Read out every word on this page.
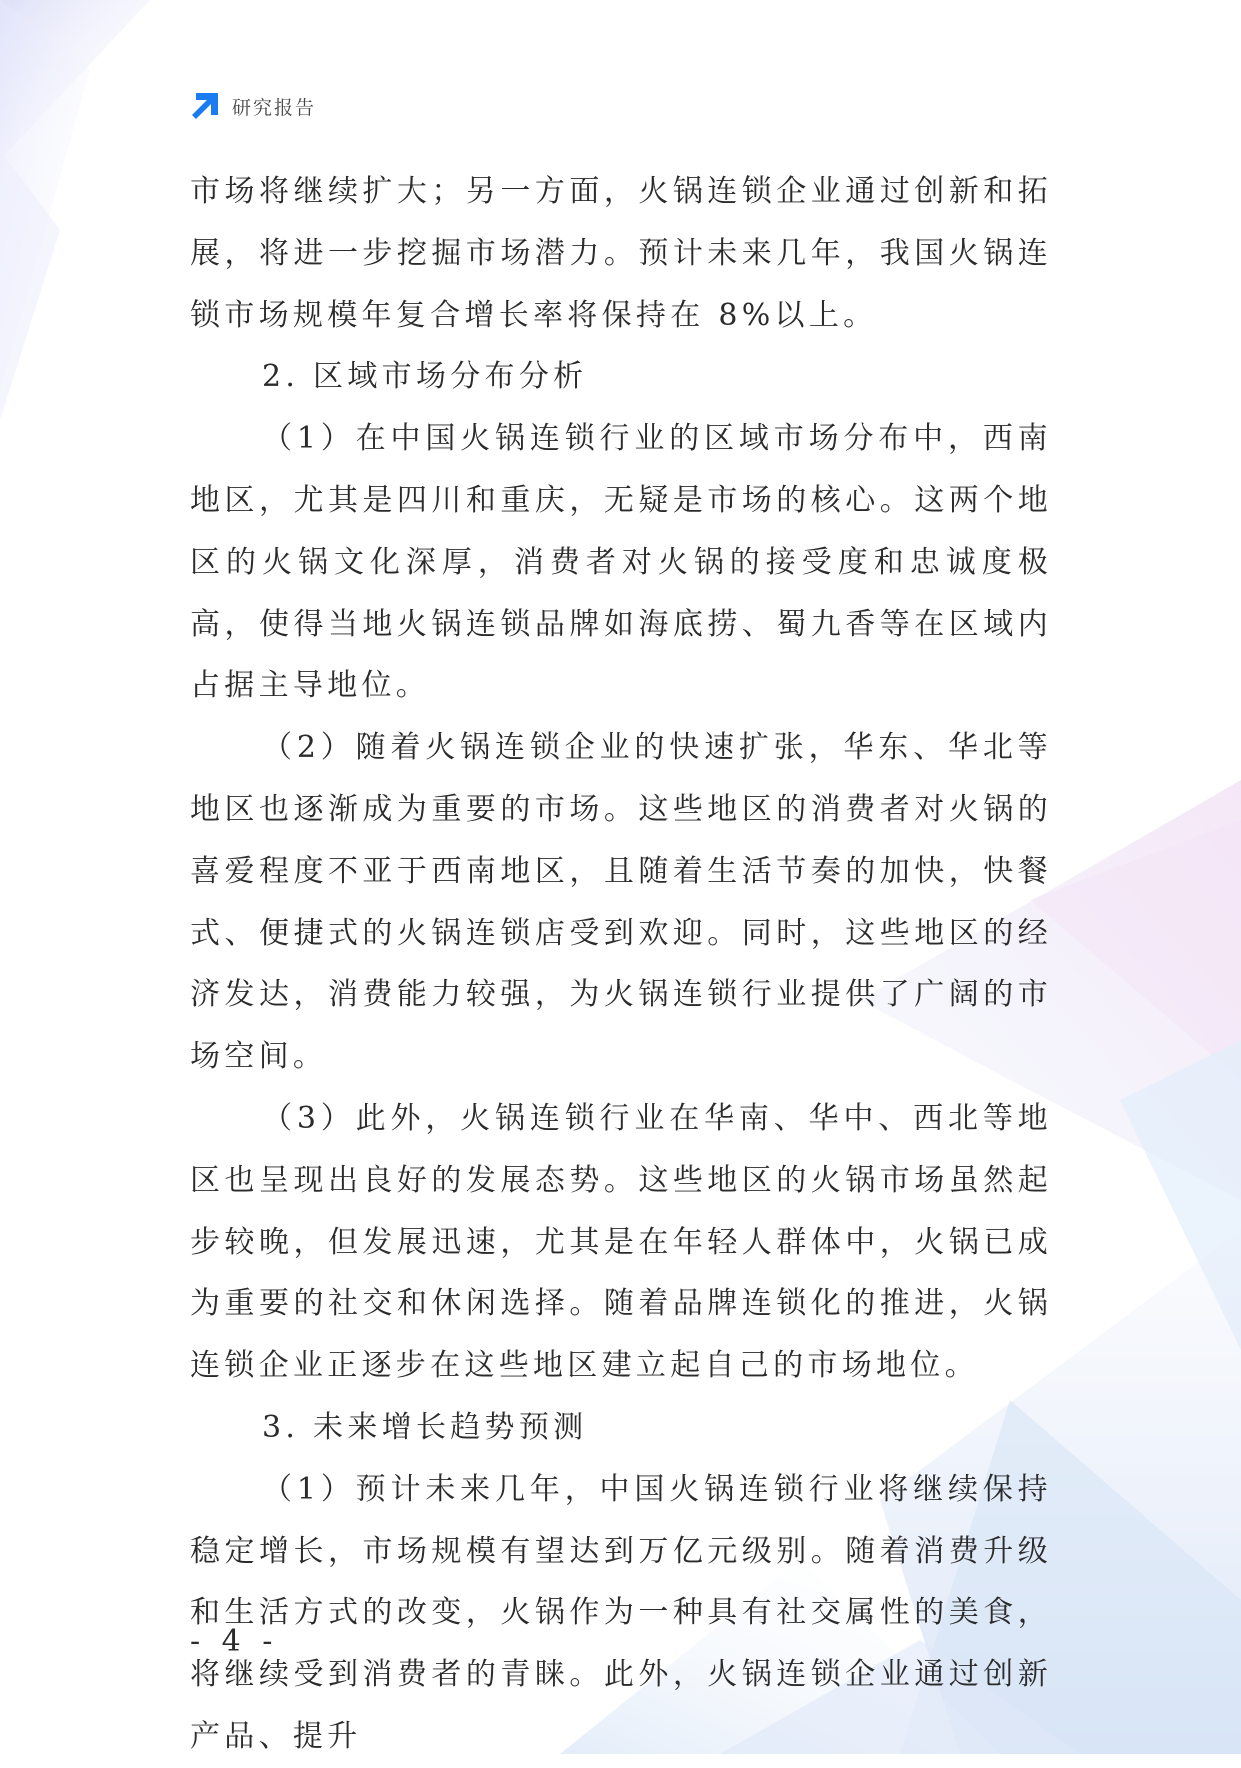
研究报告

市场将继续扩大；另一方面，火锅连锁企业通过创新和拓展，将进一步挖掘市场潜力。预计未来几年，我国火锅连锁市场规模年复合增长率将保持在 8%以上。

2. 区域市场分布分析

（1）在中国火锅连锁行业的区域市场分布中，西南地区，尤其是四川和重庆，无疑是市场的核心。这两个地区的火锅文化深厚，消费者对火锅的接受度和忠诚度极高，使得当地火锅连锁品牌如海底捞、蜀九香等在区域内占据主导地位。

（2）随着火锅连锁企业的快速扩张，华东、华北等地区也逐渐成为重要的市场。这些地区的消费者对火锅的喜爱程度不亚于西南地区，且随着生活节奏的加快，快餐式、便捷式的火锅连锁店受到欢迎。同时，这些地区的经济发达，消费能力较强，为火锅连锁行业提供了广阔的市场空间。

（3）此外，火锅连锁行业在华南、华中、西北等地区也呈现出良好的发展态势。这些地区的火锅市场虽然起步较晚，但发展迅速，尤其是在年轻人群体中，火锅已成为重要的社交和休闲选择。随着品牌连锁化的推进，火锅连锁企业正逐步在这些地区建立起自己的市场地位。

3. 未来增长趋势预测

（1）预计未来几年，中国火锅连锁行业将继续保持稳定增长，市场规模有望达到万亿元级别。随着消费升级和生活方式的改变，火锅作为一种具有社交属性的美食，将继续受到消费者的青睐。此外，火锅连锁企业通过创新产品、提升

- 4 -
